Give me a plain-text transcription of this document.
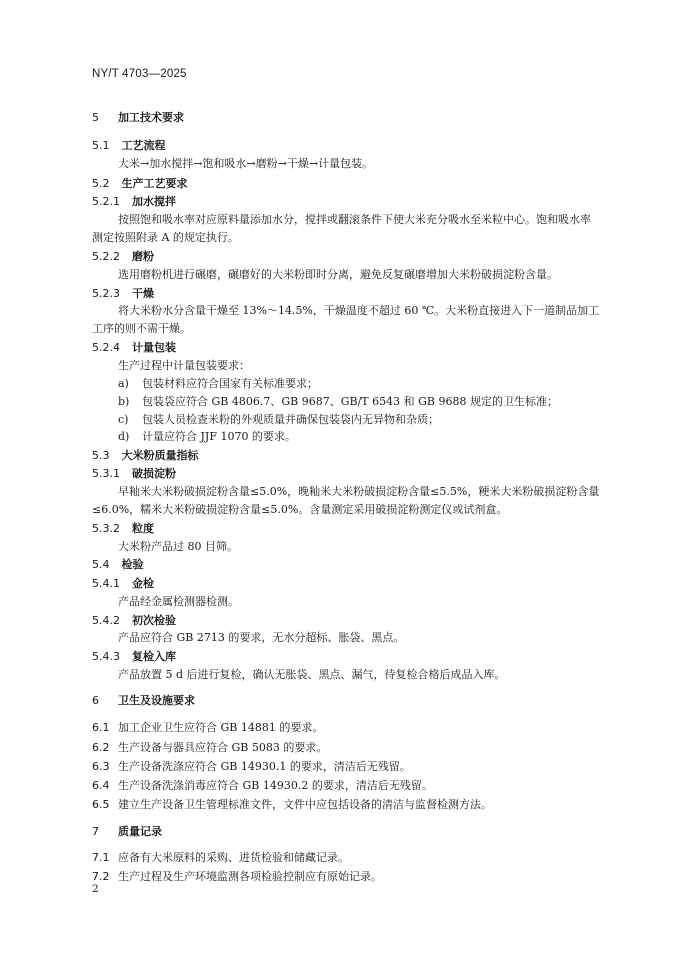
NY/T 4703—2025
5 加工技术要求
5.1 工艺流程
大米→加水搅拌→饱和吸水→磨粉→干燥→计量包装。
5.2 生产工艺要求
5.2.1 加水搅拌
按照饱和吸水率对应原料量添加水分，搅拌或翻滚条件下使大米充分吸水至米粒中心。饱和吸水率
测定按照附录 A 的规定执行。
5.2.2 磨粉
选用磨粉机进行碾磨，碾磨好的大米粉即时分离，避免反复碾磨增加大米粉破损淀粉含量。
5.2.3 干燥
将大米粉水分含量干燥至 13%～14.5%，干燥温度不超过 60 ℃。大米粉直接进入下一道制品加工
工序的则不需干燥。
5.2.4 计量包装
生产过程中计量包装要求：
a) 包装材料应符合国家有关标准要求；
b) 包装袋应符合 GB 4806.7、GB 9687、GB/T 6543 和 GB 9688 规定的卫生标准；
c) 包装人员检查米粉的外观质量并确保包装袋内无异物和杂质；
d) 计量应符合 JJF 1070 的要求。
5.3 大米粉质量指标
5.3.1 破损淀粉
早籼米大米粉破损淀粉含量≤5.0%，晚籼米大米粉破损淀粉含量≤5.5%，粳米大米粉破损淀粉含量
≤6.0%，糯米大米粉破损淀粉含量≤5.0%。含量测定采用破损淀粉测定仪或试剂盒。
5.3.2 粒度
大米粉产品过 80 目筛。
5.4 检验
5.4.1 金检
产品经金属检测器检测。
5.4.2 初次检验
产品应符合 GB 2713 的要求，无水分超标、胀袋、黑点。
5.4.3 复检入库
产品放置 5 d 后进行复检，确认无胀袋、黑点、漏气，待复检合格后成品入库。
6 卫生及设施要求
6.1 加工企业卫生应符合 GB 14881 的要求。
6.2 生产设备与器具应符合 GB 5083 的要求。
6.3 生产设备洗涤应符合 GB 14930.1 的要求，清洁后无残留。
6.4 生产设备洗涤消毒应符合 GB 14930.2 的要求，清洁后无残留。
6.5 建立生产设备卫生管理标准文件，文件中应包括设备的清洁与监督检测方法。
7 质量记录
7.1 应备有大米原料的采购、进货检验和储藏记录。
7.2 生产过程及生产环境监测各项检验控制应有原始记录。
2
